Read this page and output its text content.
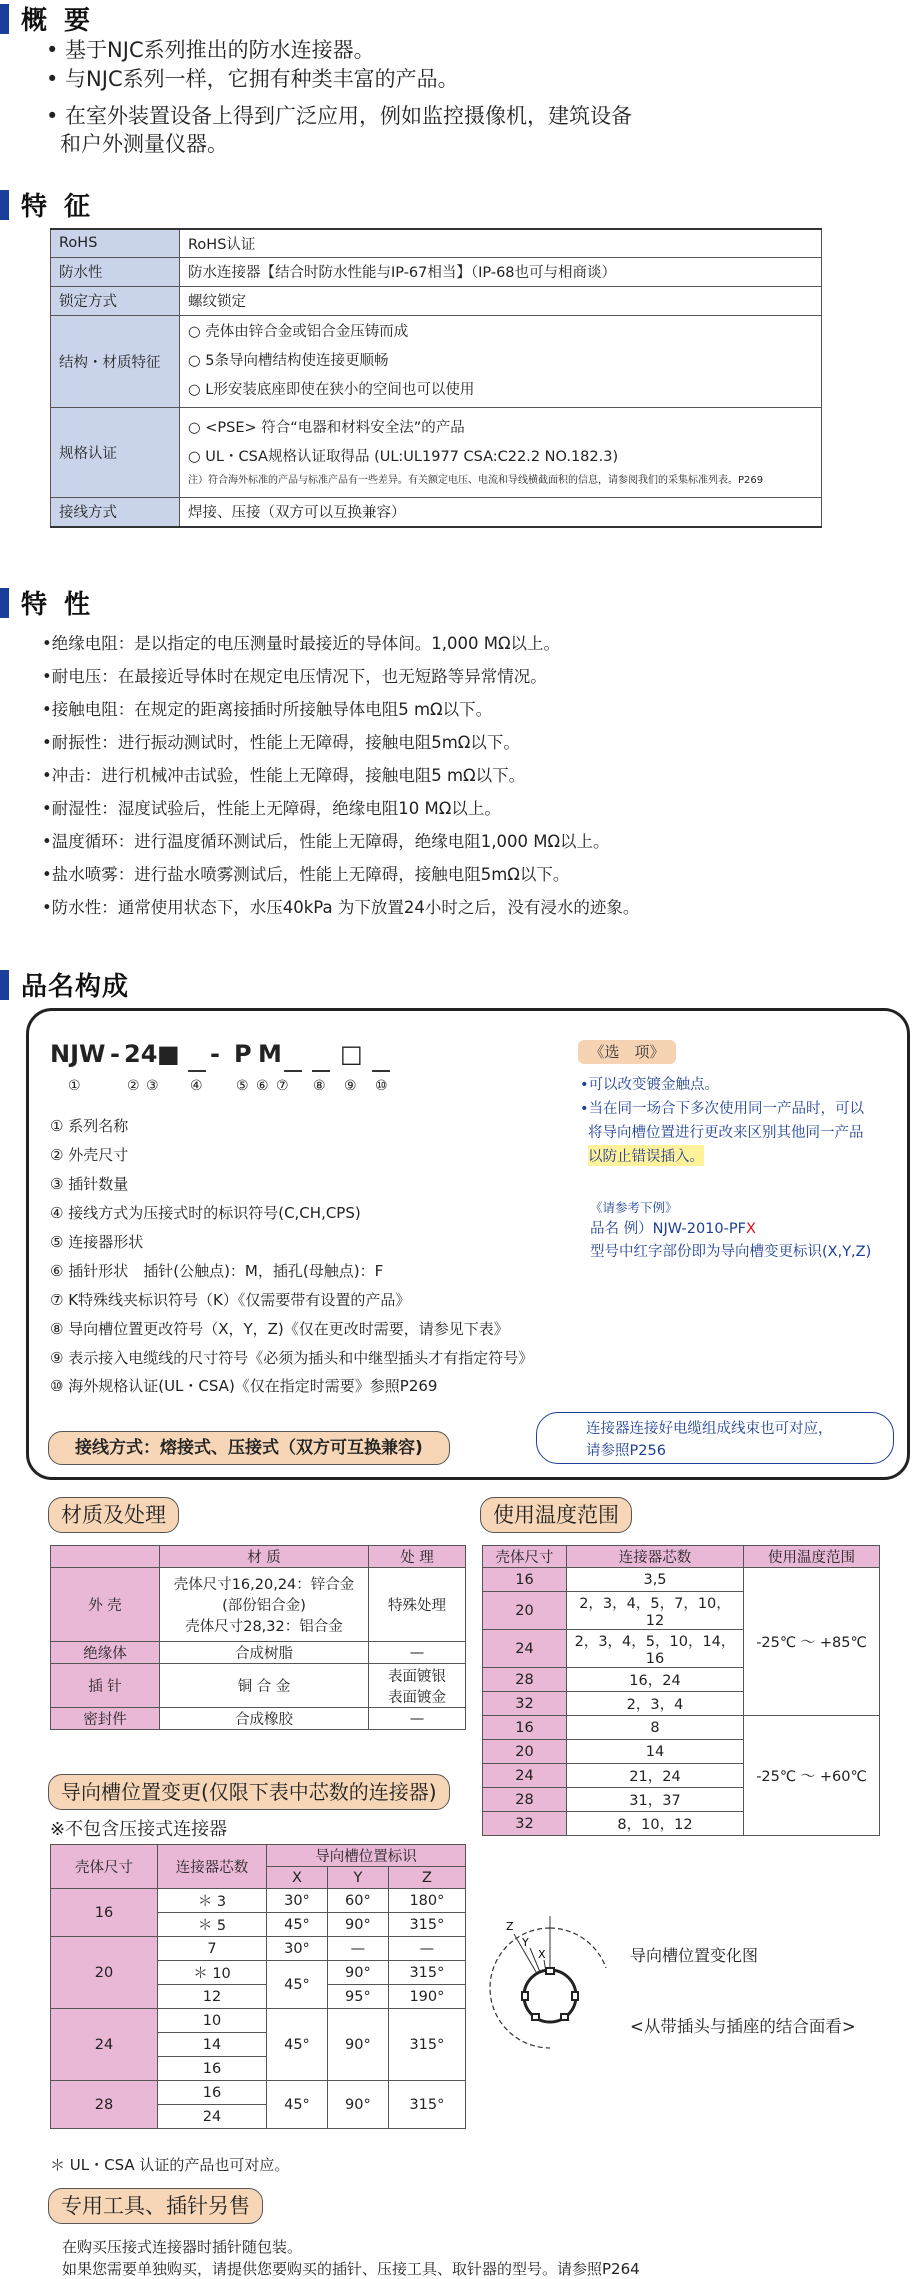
概 要
• 基于NJC系列推出的防水连接器。
• 与NJC系列一样，它拥有种类丰富的产品。
• 在室外装置设备上得到广泛应用，例如监控摄像机，建筑设备
和户外测量仪器。
特 征
RoHS	RoHS认证
防水性	防水连接器【结合时防水性能与IP-67相当】（IP-68也可与相商谈）
锁定方式	螺纹锁定
结构・材质特征	○ 壳体由锌合金或铝合金压铸而成
○ 5条导向槽结构使连接更顺畅
○ L形安装底座即使在狭小的空间也可以使用

规格认证	○ <PSE> 符合“电器和材料安全法”的产品
○ UL・CSA规格认证取得品 (UL:UL1977 CSA:C22.2 NO.182.3)
注）符合海外标准的产品与标准产品有一些差异。有关额定电压、电流和导线横截面积的信息，请参阅我们的采集标准列表。P269

接线方式	焊接、压接（双方可以互换兼容）
特 性
•绝缘电阻：是以指定的电压测量时最接近的导体间。1,000 MΩ以上。
•耐电压：在最接近导体时在规定电压情况下，也无短路等异常情况。
•接触电阻：在规定的距离接插时所接触导体电阻5 mΩ以下。
•耐振性：进行振动测试时，性能上无障碍，接触电阻5mΩ以下。
•冲击：进行机械冲击试验，性能上无障碍，接触电阻5 mΩ以下。
•耐湿性：湿度试验后，性能上无障碍，绝缘电阻10 MΩ以上。
•温度循环：进行温度循环测试后，性能上无障碍，绝缘电阻1,000 MΩ以上。
•盐水喷雾：进行盐水喷雾测试后，性能上无障碍，接触电阻5mΩ以下。
•防水性：通常使用状态下，水压40kPa 为下放置24小时之后，没有浸水的迹象。
品名构成
NJW - 24 ■ - P M □
①	② ③ ④ ⑤ ⑥ ⑦ ⑧ ⑨ ⑩
① 系列名称
② 外壳尺寸
③ 插针数量
④ 接线方式为压接式时的标识符号(C,CH,CPS)
⑤ 连接器形状
⑥ 插针形状　插针(公触点)：M，插孔(母触点)：F
⑦ K特殊线夹标识符号（K）《仅需要带有设置的产品》
⑧ 导向槽位置更改符号（X，Y，Z)《仅在更改时需要，请参见下表》
⑨ 表示接入电缆线的尺寸符号《必须为插头和中继型插头才有指定符号》
⑩ 海外规格认证(UL・CSA)《仅在指定时需要》参照P269
《选　项》
•可以改变镀金触点。
•当在同一场合下多次使用同一产品时，可以
将导向槽位置进行更改来区别其他同一产品
以防止错误插入。
《请参考下例》
品名 例）NJW-2010-PFX
型号中红字部份即为导向槽变更标识(X,Y,Z)
接线方式：熔接式、压接式（双方可互换兼容)
连接器连接好电缆组成线束也可对应，
请参照P256
材质及处理
	材 质	处 理
外 壳	壳体尺寸16,20,24：锌合金
(部份铝合金)
壳体尺寸28,32：铝合金	特殊处理
绝缘体	合成树脂	—
插 针	铜 合 金	表面镀银
表面镀金

密封件	合成橡胶	—
使用温度范围
壳体尺寸	连接器芯数	使用温度范围
16	3,5	-25℃ ～ +85℃
20	2，3，4，5，7，10，12	
24	2，3，4，5，10，14，16	
28	16，24	
32	2，3，4	
16	8	-25℃ ～ +60℃
20	14	
24	21，24	
28	31，37	
32	8，10，12	
导向槽位置变更(仅限下表中芯数的连接器)
※不包含压接式连接器
壳体尺寸	连接器芯数	导向槽位置标识		
		X	Y	Z
16	＊ 3	30°	60°	180°
	＊ 5	45°	90°	315°
20	7	30°	—	—
	＊ 10	45°	90°	315°
	12		95°	190°
24	10	45°	90°	315°
	14			
	16			
28	16	45°	90°	315°
	24			
＊ UL・CSA 认证的产品也可对应。
Z
Y
X	导向槽位置变化图
<从带插头与插座的结合面看>
专用工具、插针另售
在购买压接式连接器时插针随包装。
如果您需要单独购买，请提供您要购买的插针、压接工具、取针器的型号。请参照P264
